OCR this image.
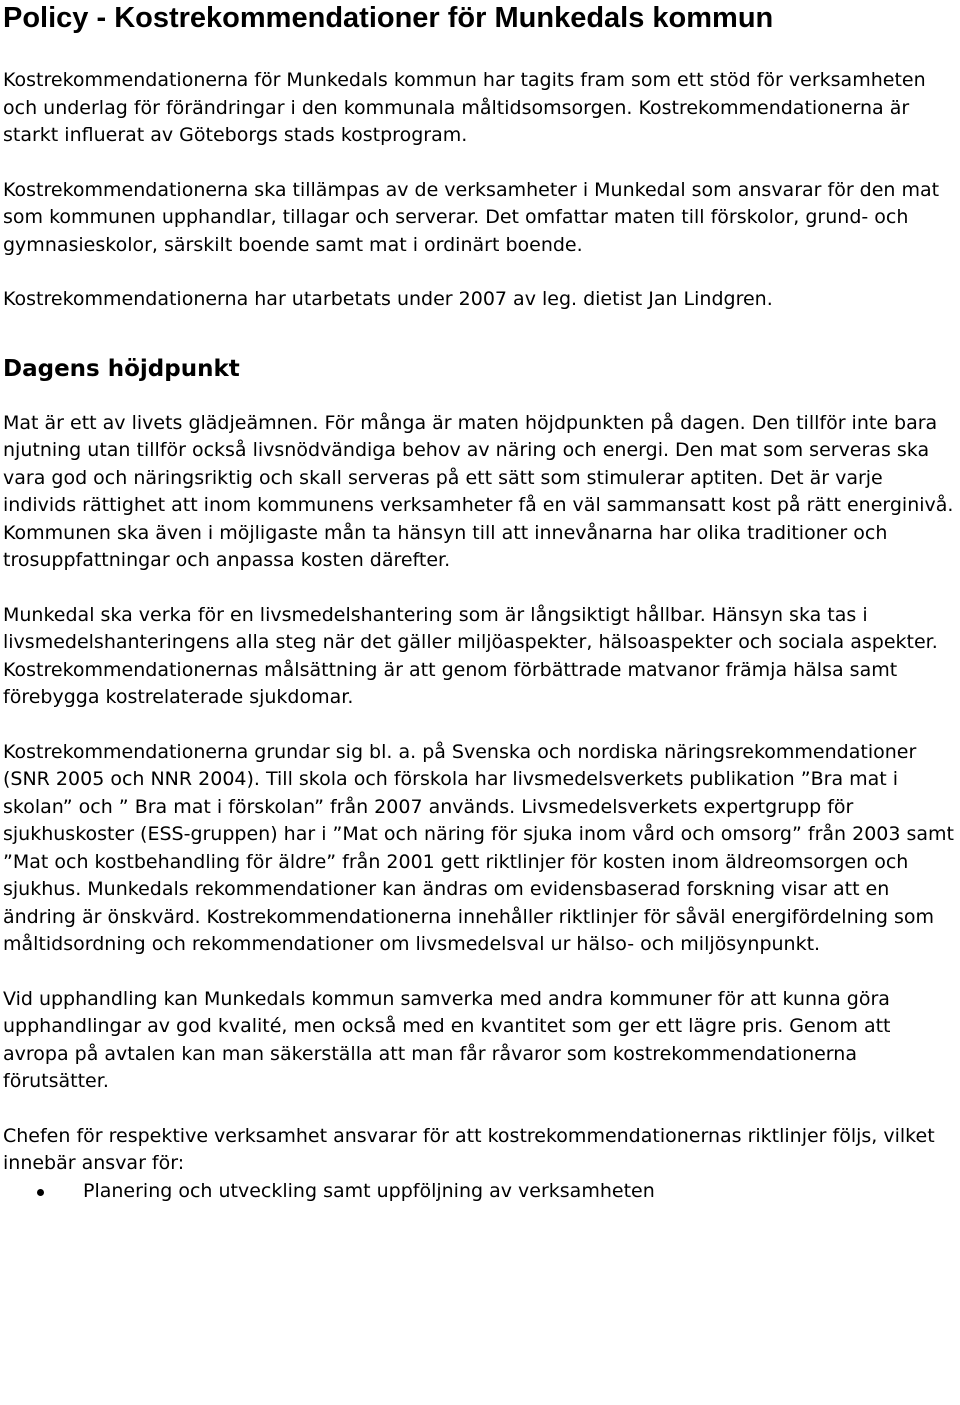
Policy - Kostrekommendationer för Munkedals kommun

Kostrekommendationerna för Munkedals kommun har tagits fram som ett stöd för verksamheten och underlag för förändringar i den kommunala måltidsomsorgen. Kostrekommendationerna är starkt influerat av Göteborgs stads kostprogram.

Kostrekommendationerna ska tillämpas av de verksamheter i Munkedal som ansvarar för den mat som kommunen upphandlar, tillagar och serverar. Det omfattar maten till förskolor, grund- och gymnasieskolor, särskilt boende samt mat i ordinärt boende.

Kostrekommendationerna har utarbetats under 2007 av leg. dietist Jan Lindgren.

Dagens höjdpunkt

Mat är ett av livets glädjeämnen. För många är maten höjdpunkten på dagen. Den tillför inte bara njutning utan tillför också livsnödvändiga behov av näring och energi. Den mat som serveras ska vara god och näringsriktig och skall serveras på ett sätt som stimulerar aptiten. Det är varje individs rättighet att inom kommunens verksamheter få en väl sammansatt kost på rätt energinivå. Kommunen ska även i möjligaste mån ta hänsyn till att innevånarna har olika traditioner och trosuppfattningar och anpassa kosten därefter.

Munkedal ska verka för en livsmedelshantering som är långsiktigt hållbar. Hänsyn ska tas i livsmedelshanteringens alla steg när det gäller miljöaspekter, hälsoaspekter och sociala aspekter. Kostrekommendationernas målsättning är att genom förbättrade matvanor främja hälsa samt förebygga kostrelaterade sjukdomar.

Kostrekommendationerna grundar sig bl. a. på Svenska och nordiska näringsrekommendationer (SNR 2005 och NNR 2004). Till skola och förskola har livsmedelsverkets publikation ”Bra mat i skolan” och ” Bra mat i förskolan” från 2007 används. Livsmedelsverkets expertgrupp för sjukhuskoster (ESS-gruppen) har i ”Mat och näring för sjuka inom vård och omsorg” från 2003 samt ”Mat och kostbehandling för äldre” från 2001 gett riktlinjer för kosten inom äldreomsorgen och sjukhus. Munkedals rekommendationer kan ändras om evidensbaserad forskning visar att en ändring är önskvärd. Kostrekommendationerna innehåller riktlinjer för såväl energifördelning som måltidsordning och rekommendationer om livsmedelsval ur hälso- och miljösynpunkt.

Vid upphandling kan Munkedals kommun samverka med andra kommuner för att kunna göra upphandlingar av god kvalité, men också med en kvantitet som ger ett lägre pris. Genom att avropa på avtalen kan man säkerställa att man får råvaror som kostrekommendationerna förutsätter.

Chefen för respektive verksamhet ansvarar för att kostrekommendationernas riktlinjer följs, vilket innebär ansvar för:

Planering och utveckling samt uppföljning av verksamheten
